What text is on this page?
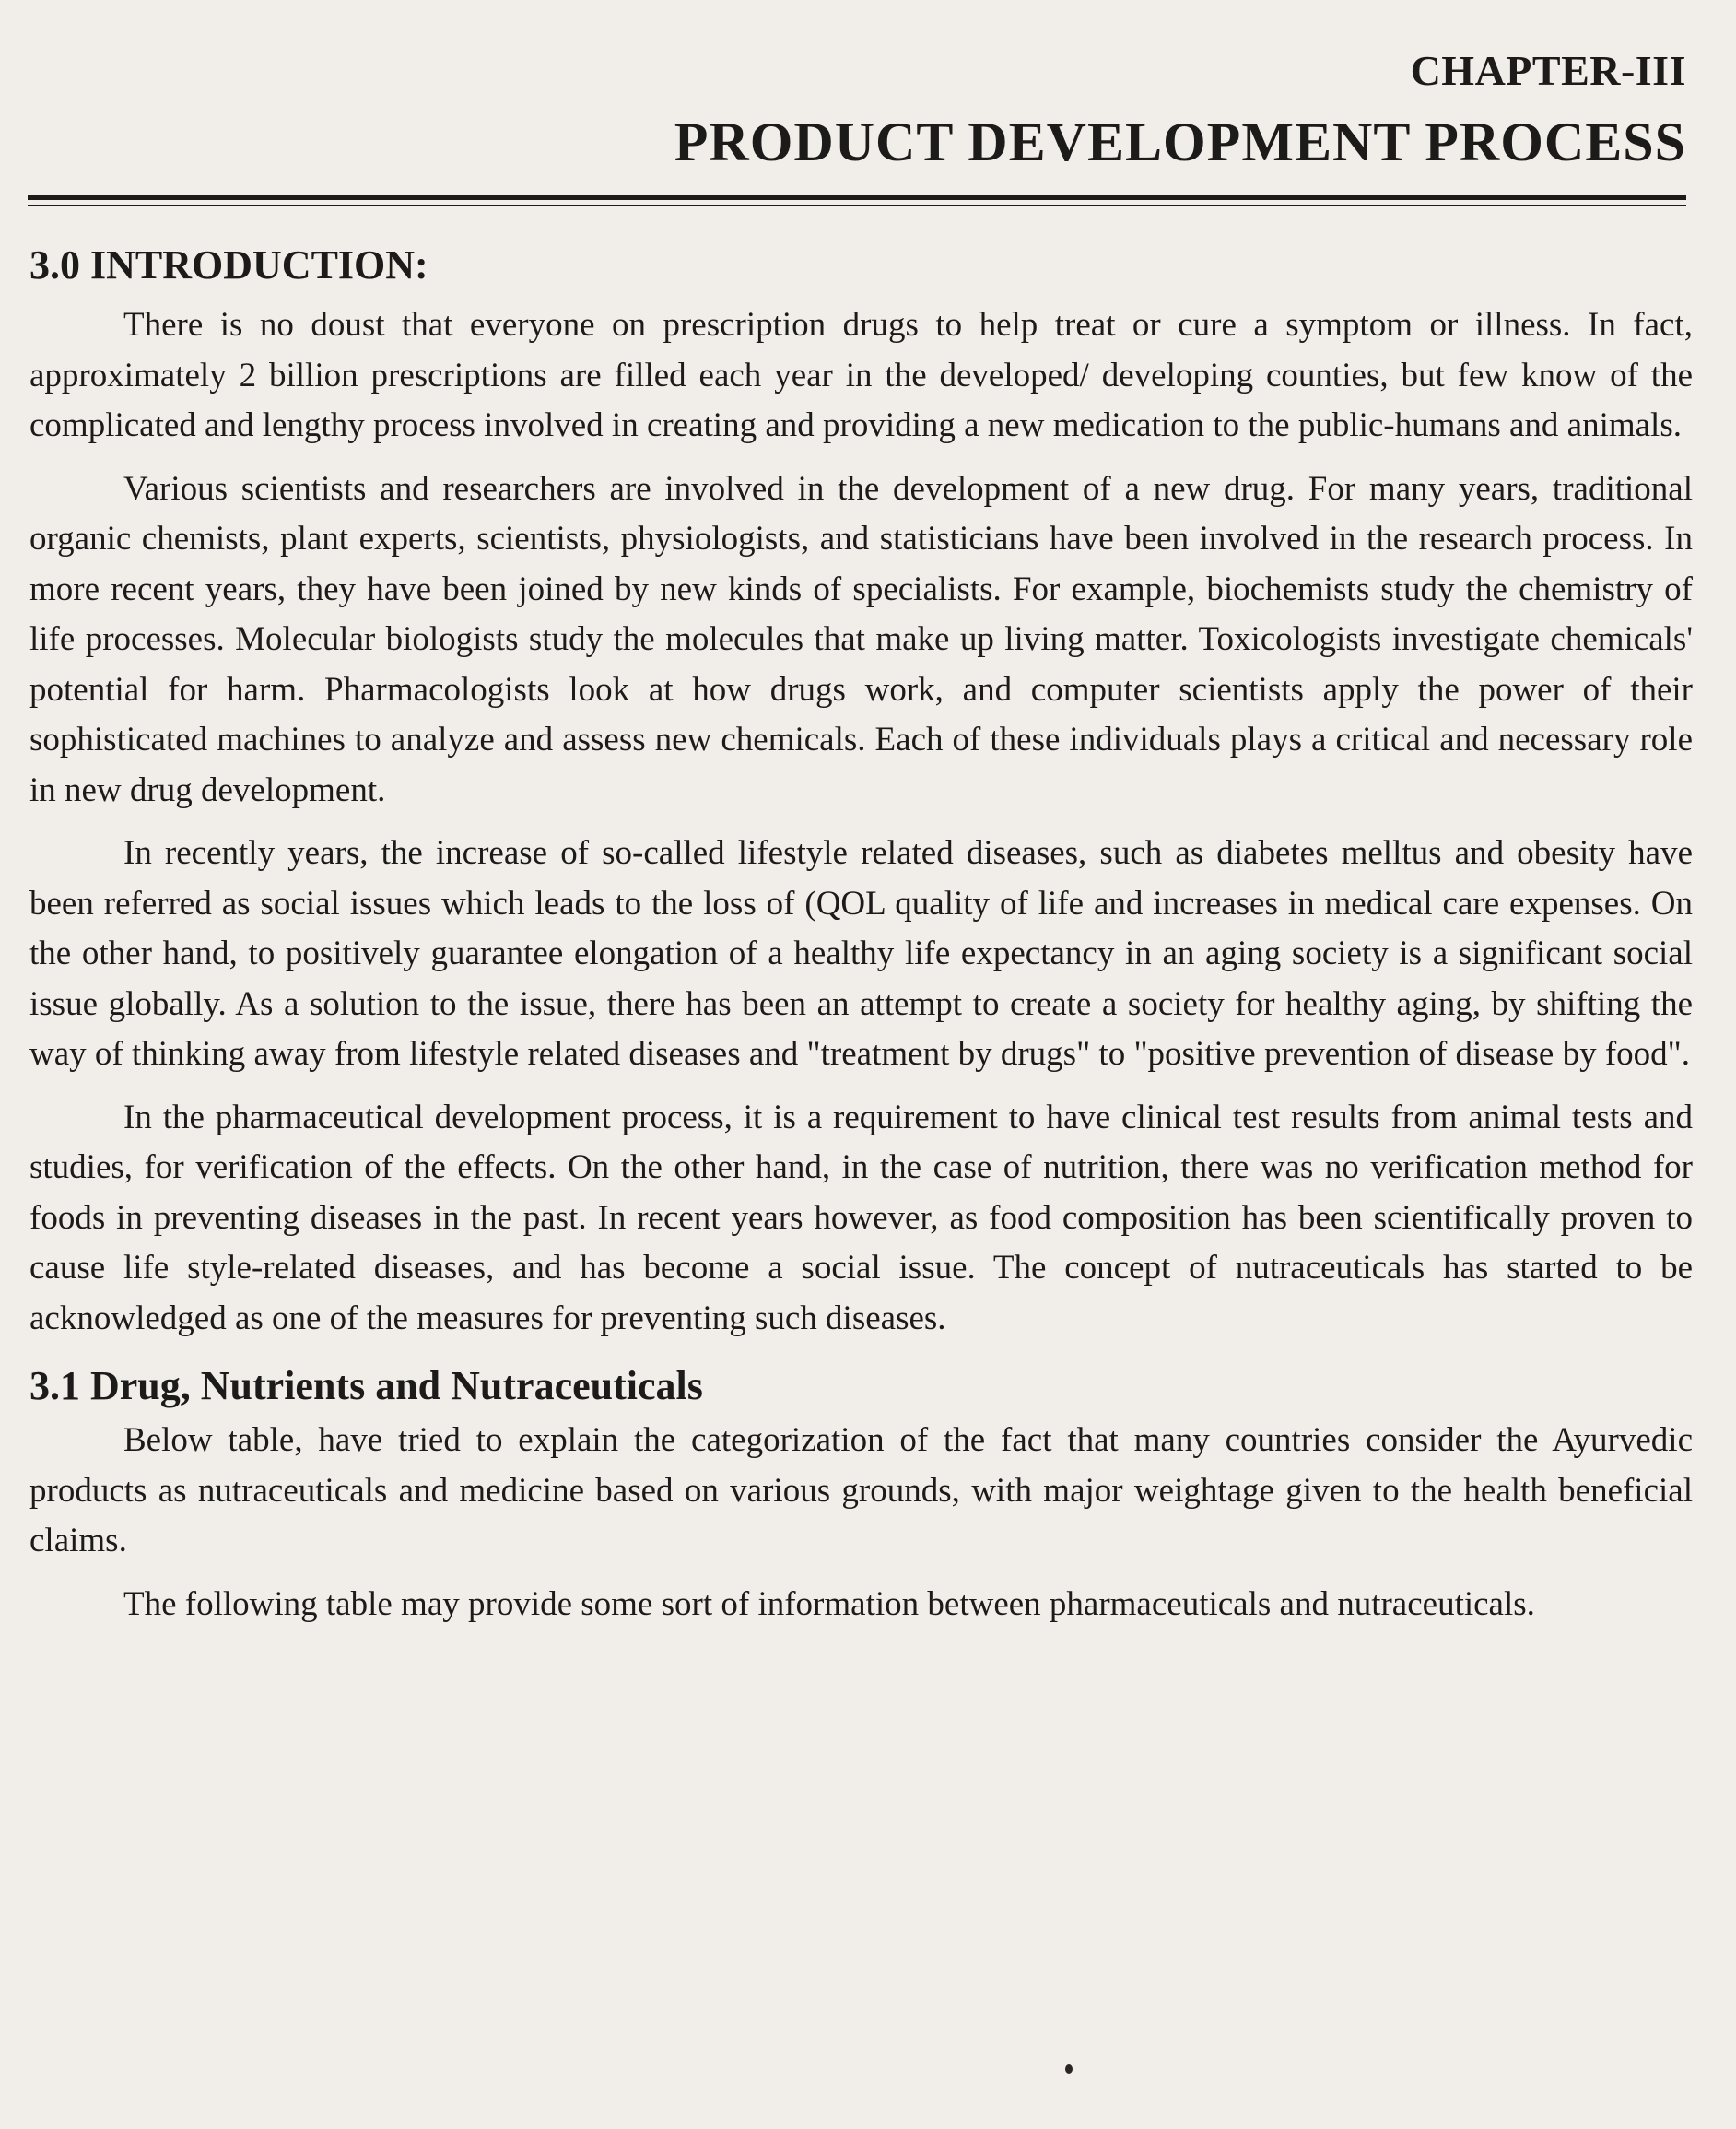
CHAPTER-III
PRODUCT DEVELOPMENT PROCESS
3.0 INTRODUCTION:

There is no doust that everyone on prescription drugs to help treat or cure a symptom or illness. In fact, approximately 2 billion prescriptions are filled each year in the developed/ developing counties, but few know of the complicated and lengthy process involved in creating and providing a new medication to the public-humans and animals.

Various scientists and researchers are involved in the development of a new drug. For many years, traditional organic chemists, plant experts, scientists, physiologists, and statisticians have been involved in the research process. In more recent years, they have been joined by new kinds of specialists. For example, biochemists study the chemistry of life processes. Molecular biologists study the molecules that make up living matter. Toxicologists investigate chemicals' potential for harm. Pharmacologists look at how drugs work, and computer scientists apply the power of their sophisticated machines to analyze and assess new chemicals. Each of these individuals plays a critical and necessary role in new drug development.

In recently years, the increase of so-called lifestyle related diseases, such as diabetes melltus and obesity have been referred as social issues which leads to the loss of (QOL quality of life and increases in medical care expenses. On the other hand, to positively guarantee elongation of a healthy life expectancy in an aging society is a significant social issue globally. As a solution to the issue, there has been an attempt to create a society for healthy aging, by shifting the way of thinking away from lifestyle related diseases and "treatment by drugs" to "positive prevention of disease by food".

In the pharmaceutical development process, it is a requirement to have clinical test results from animal tests and studies, for verification of the effects. On the other hand, in the case of nutrition, there was no verification method for foods in preventing diseases in the past. In recent years however, as food composition has been scientifically proven to cause life style-related diseases, and has become a social issue. The concept of nutraceuticals has started to be acknowledged as one of the measures for preventing such diseases.

3.1 Drug, Nutrients and Nutraceuticals

Below table, have tried to explain the categorization of the fact that many countries consider the Ayurvedic products as nutraceuticals and medicine based on various grounds, with major weightage given to the health beneficial claims.

The following table may provide some sort of information between pharmaceuticals and nutraceuticals.
